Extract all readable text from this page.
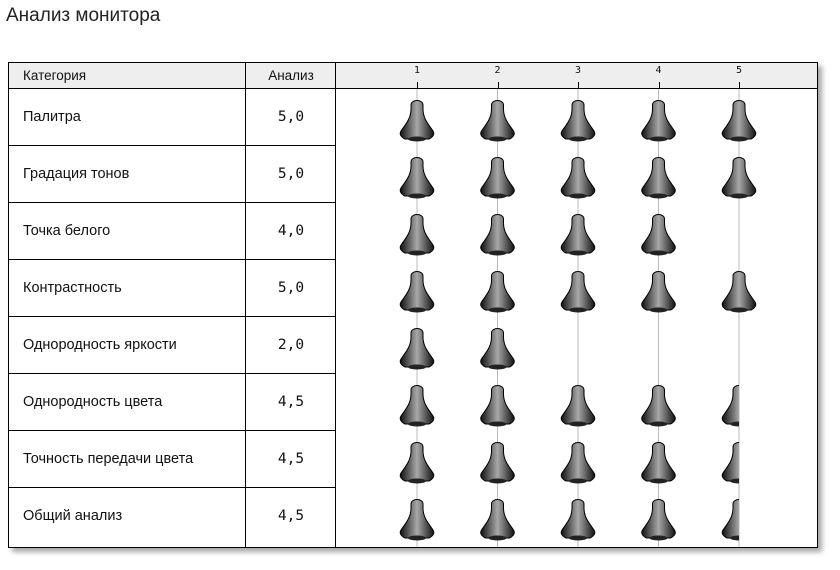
Анализ монитора
Категория	Анализ
Палитра	5,0
Градация тонов	5,0
Точка белого	4,0
Контрастность	5,0
Однородность яркости	2,0
Однородность цвета	4,5
Точность передачи цвета	4,5
Общий анализ	4,5
1	2	3	4	5
